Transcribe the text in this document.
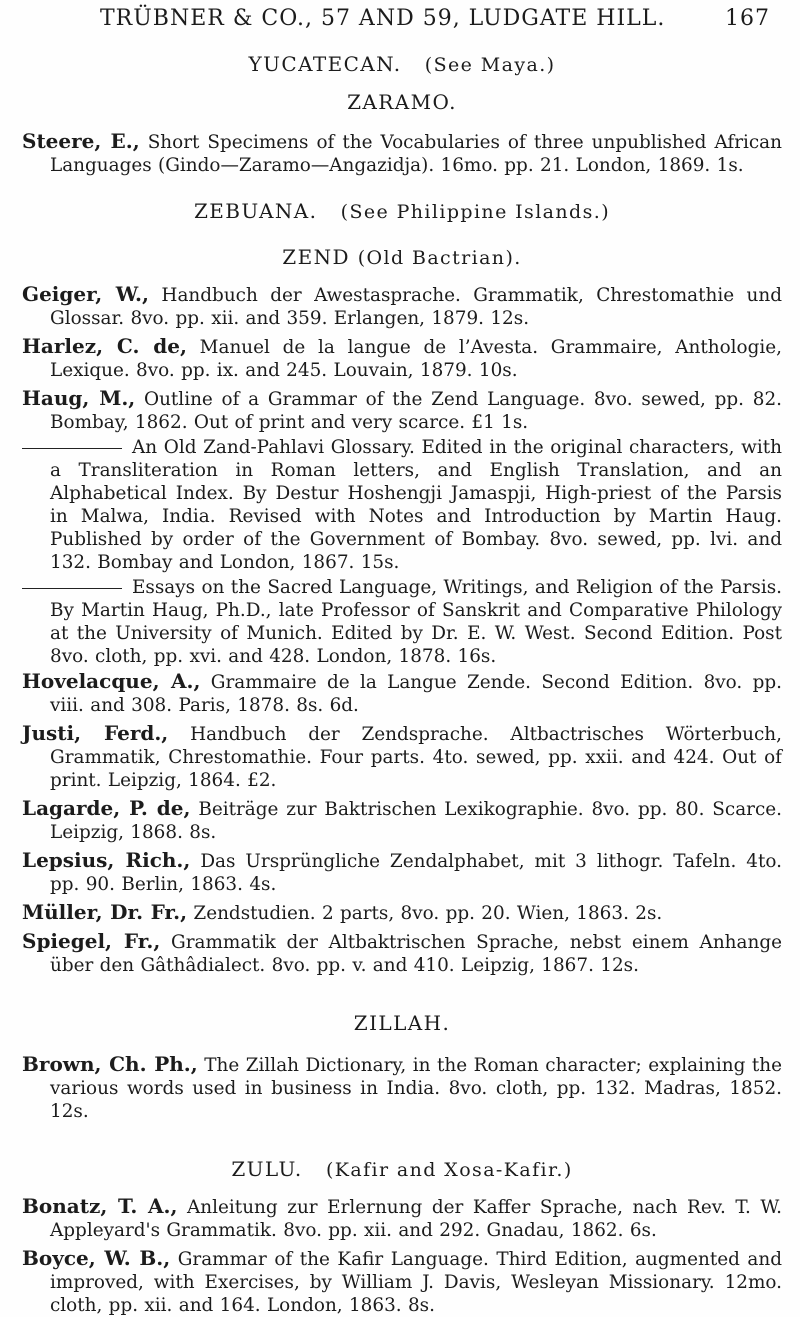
TRÜBNER & CO., 57 AND 59, LUDGATE HILL.	167

YUCATECAN. (See Maya.)

ZARAMO.

Steere, E., Short Specimens of the Vocabularies of three unpublished African Languages (Gindo—Zaramo—Angazidja). 16mo. pp. 21. London, 1869. 1s.

ZEBUANA. (See Philippine Islands.)

ZEND (Old Bactrian).

Geiger, W., Handbuch der Awestasprache. Grammatik, Chrestomathie und Glossar. 8vo. pp. xii. and 359. Erlangen, 1879. 12s.

Harlez, C. de, Manuel de la langue de l’Avesta. Grammaire, Anthologie, Lexique. 8vo. pp. ix. and 245. Louvain, 1879. 10s.

Haug, M., Outline of a Grammar of the Zend Language. 8vo. sewed, pp. 82. Bombay, 1862. Out of print and very scarce. £1 1s.

An Old Zand-Pahlavi Glossary. Edited in the original characters, with a Transliteration in Roman letters, and English Translation, and an Alphabetical Index. By Destur Hoshengji Jamaspji, High-priest of the Parsis in Malwa, India. Revised with Notes and Introduction by Martin Haug. Published by order of the Government of Bombay. 8vo. sewed, pp. lvi. and 132. Bombay and London, 1867. 15s.

Essays on the Sacred Language, Writings, and Religion of the Parsis. By Martin Haug, Ph.D., late Professor of Sanskrit and Comparative Philology at the University of Munich. Edited by Dr. E. W. West. Second Edition. Post 8vo. cloth, pp. xvi. and 428. London, 1878. 16s.

Hovelacque, A., Grammaire de la Langue Zende. Second Edition. 8vo. pp. viii. and 308. Paris, 1878. 8s. 6d.

Justi, Ferd., Handbuch der Zendsprache. Altbactrisches Wörterbuch, Grammatik, Chrestomathie. Four parts. 4to. sewed, pp. xxii. and 424. Out of print. Leipzig, 1864. £2.

Lagarde, P. de, Beiträge zur Baktrischen Lexikographie. 8vo. pp. 80. Scarce. Leipzig, 1868. 8s.

Lepsius, Rich., Das Ursprüngliche Zendalphabet, mit 3 lithogr. Tafeln. 4to. pp. 90. Berlin, 1863. 4s.

Müller, Dr. Fr., Zendstudien. 2 parts, 8vo. pp. 20. Wien, 1863. 2s.

Spiegel, Fr., Grammatik der Altbaktrischen Sprache, nebst einem Anhange über den Gâthâdialect. 8vo. pp. v. and 410. Leipzig, 1867. 12s.

ZILLAH.

Brown, Ch. Ph., The Zillah Dictionary, in the Roman character; explaining the various words used in business in India. 8vo. cloth, pp. 132. Madras, 1852. 12s.

ZULU. (Kafir and Xosa-Kafir.)

Bonatz, T. A., Anleitung zur Erlernung der Kaffer Sprache, nach Rev. T. W. Appleyard's Grammatik. 8vo. pp. xii. and 292. Gnadau, 1862. 6s.

Boyce, W. B., Grammar of the Kafir Language. Third Edition, augmented and improved, with Exercises, by William J. Davis, Wesleyan Missionary. 12mo. cloth, pp. xii. and 164. London, 1863. 8s.
